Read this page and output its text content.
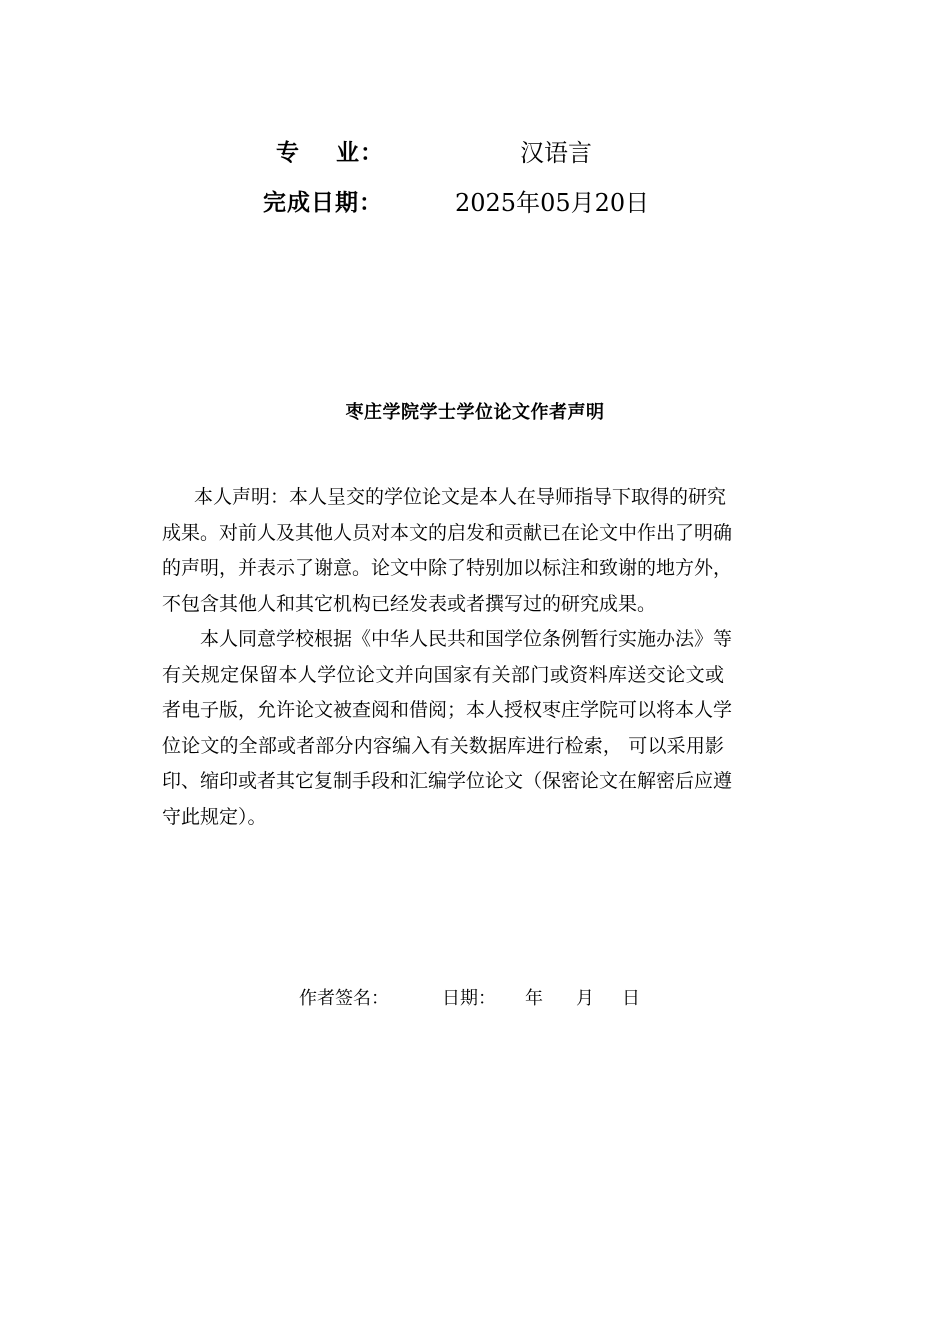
专    业：	汉语言
完成日期：	2025年05月20日
枣庄学院学士学位论文作者声明
本人声明：本人呈交的学位论文是本人在导师指导下取得的研究
成果。对前人及其他人员对本文的启发和贡献已在论文中作出了明确
的声明，并表示了谢意。论文中除了特别加以标注和致谢的地方外，
不包含其他人和其它机构已经发表或者撰写过的研究成果。
本人同意学校根据《中华人民共和国学位条例暂行实施办法》等
有关规定保留本人学位论文并向国家有关部门或资料库送交论文或
者电子版，允许论文被查阅和借阅；本人授权枣庄学院可以将本人学
位论文的全部或者部分内容编入有关数据库进行检索， 可以采用影
印、缩印或者其它复制手段和汇编学位论文（保密论文在解密后应遵
守此规定）。
作者签名：	日期： 年 月 日
